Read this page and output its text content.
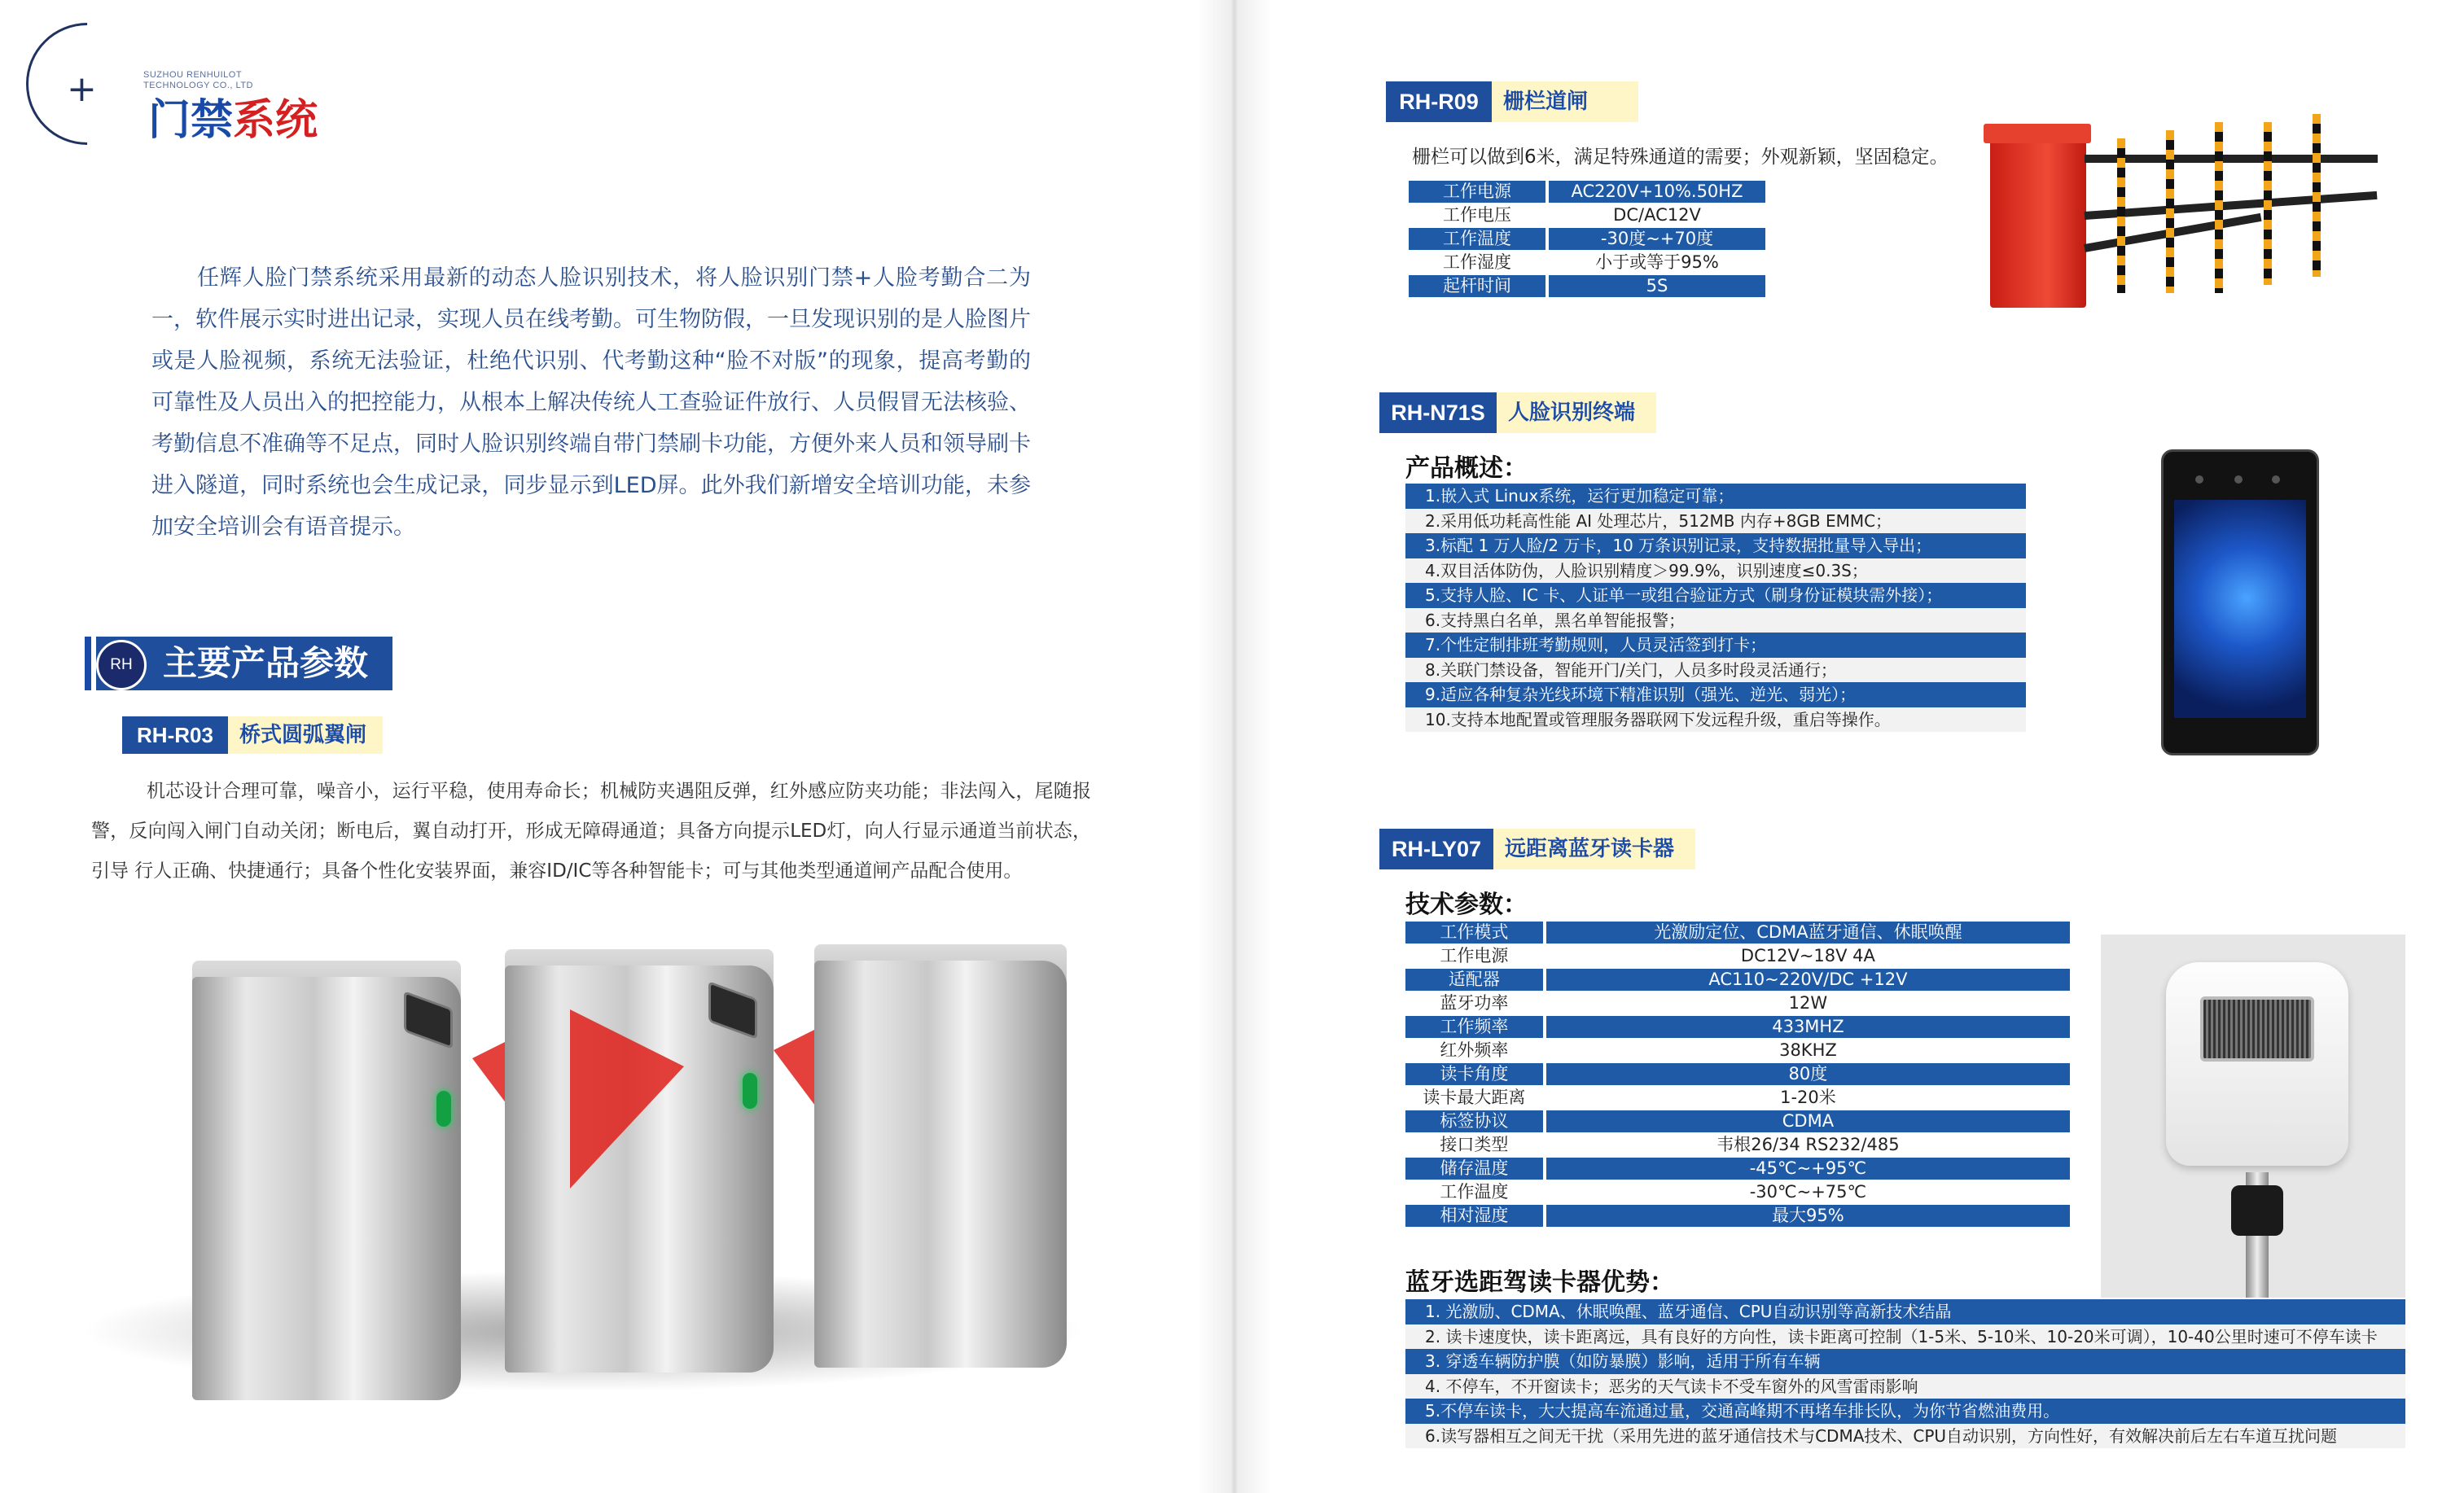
+	SUZHOU RENHUILOT
TECHNOLOGY CO., LTD
门禁系统
任辉人脸门禁系统采用最新的动态人脸识别技术，将人脸识别门禁+人脸考勤合二为一，软件展示实时进出记录，实现人员在线考勤。可生物防假，一旦发现识别的是人脸图片或是人脸视频，系统无法验证，杜绝代识别、代考勤这种“脸不对版”的现象，提高考勤的可靠性及人员出入的把控能力，从根本上解决传统人工查验证件放行、人员假冒无法核验、考勤信息不准确等不足点，同时人脸识别终端自带门禁刷卡功能，方便外来人员和领导刷卡进入隧道，同时系统也会生成记录，同步显示到LED屏。此外我们新增安全培训功能，未参加安全培训会有语音提示。
RH 主要产品参数
RH-R03	桥式圆弧翼闸
机芯设计合理可靠，噪音小，运行平稳，使用寿命长；机械防夹遇阻反弹，红外感应防夹功能；非法闯入，尾随报警，反向闯入闸门自动关闭；断电后，翼自动打开，形成无障碍通道；具备方向提示LED灯，向人行显示通道当前状态，引导 行人正确、快捷通行；具备个性化安装界面，兼容ID/IC等各种智能卡；可与其他类型通道闸产品配合使用。
RH-R09	栅栏道闸
栅栏可以做到6米，满足特殊通道的需要；外观新颖，坚固稳定。
工作电源	AC220V+10%.50HZ
工作电压	DC/AC12V
工作温度	-30度~+70度
工作湿度	小于或等于95%
起杆时间	5S
RH-N71S	人脸识别终端
产品概述：
1.嵌入式 Linux系统，运行更加稳定可靠；
2.采用低功耗高性能 AI 处理芯片，512MB 内存+8GB EMMC；
3.标配 1 万人脸/2 万卡，10 万条识别记录，支持数据批量导入导出；
4.双目活体防伪，人脸识别精度＞99.9%，识别速度≤0.3S；
5.支持人脸、IC 卡、人证单一或组合验证方式（刷身份证模块需外接）；
6.支持黑白名单，黑名单智能报警；
7.个性定制排班考勤规则，人员灵活签到打卡；
8.关联门禁设备，智能开门/关门，人员多时段灵活通行；
9.适应各种复杂光线环境下精准识别（强光、逆光、弱光）；
10.支持本地配置或管理服务器联网下发远程升级，重启等操作。
RH-LY07	远距离蓝牙读卡器
技术参数：
工作模式	光激励定位、CDMA蓝牙通信、休眠唤醒
工作电源	DC12V~18V 4A
适配器	AC110~220V/DC +12V
蓝牙功率	12W
工作频率	433MHZ
红外频率	38KHZ
读卡角度	80度
读卡最大距离	1-20米
标签协议	CDMA
接口类型	韦根26/34 RS232/485
储存温度	-45℃~+95℃
工作温度	-30℃~+75℃
相对湿度	最大95%
蓝牙选距驾读卡器优势：
1. 光激励、CDMA、休眠唤醒、蓝牙通信、CPU自动识别等高新技术结晶
2. 读卡速度快，读卡距离远，具有良好的方向性，读卡距离可控制（1-5米、5-10米、10-20米可调），10-40公里时速可不停车读卡
3. 穿透车辆防护膜（如防暴膜）影响，适用于所有车辆
4. 不停车，不开窗读卡；恶劣的天气读卡不受车窗外的风雪雷雨影响
5.不停车读卡，大大提高车流通过量，交通高峰期不再堵车排长队，为你节省燃油费用。
6.读写器相互之间无干扰（采用先进的蓝牙通信技术与CDMA技术、CPU自动识别，方向性好，有效解决前后左右车道互扰问题
